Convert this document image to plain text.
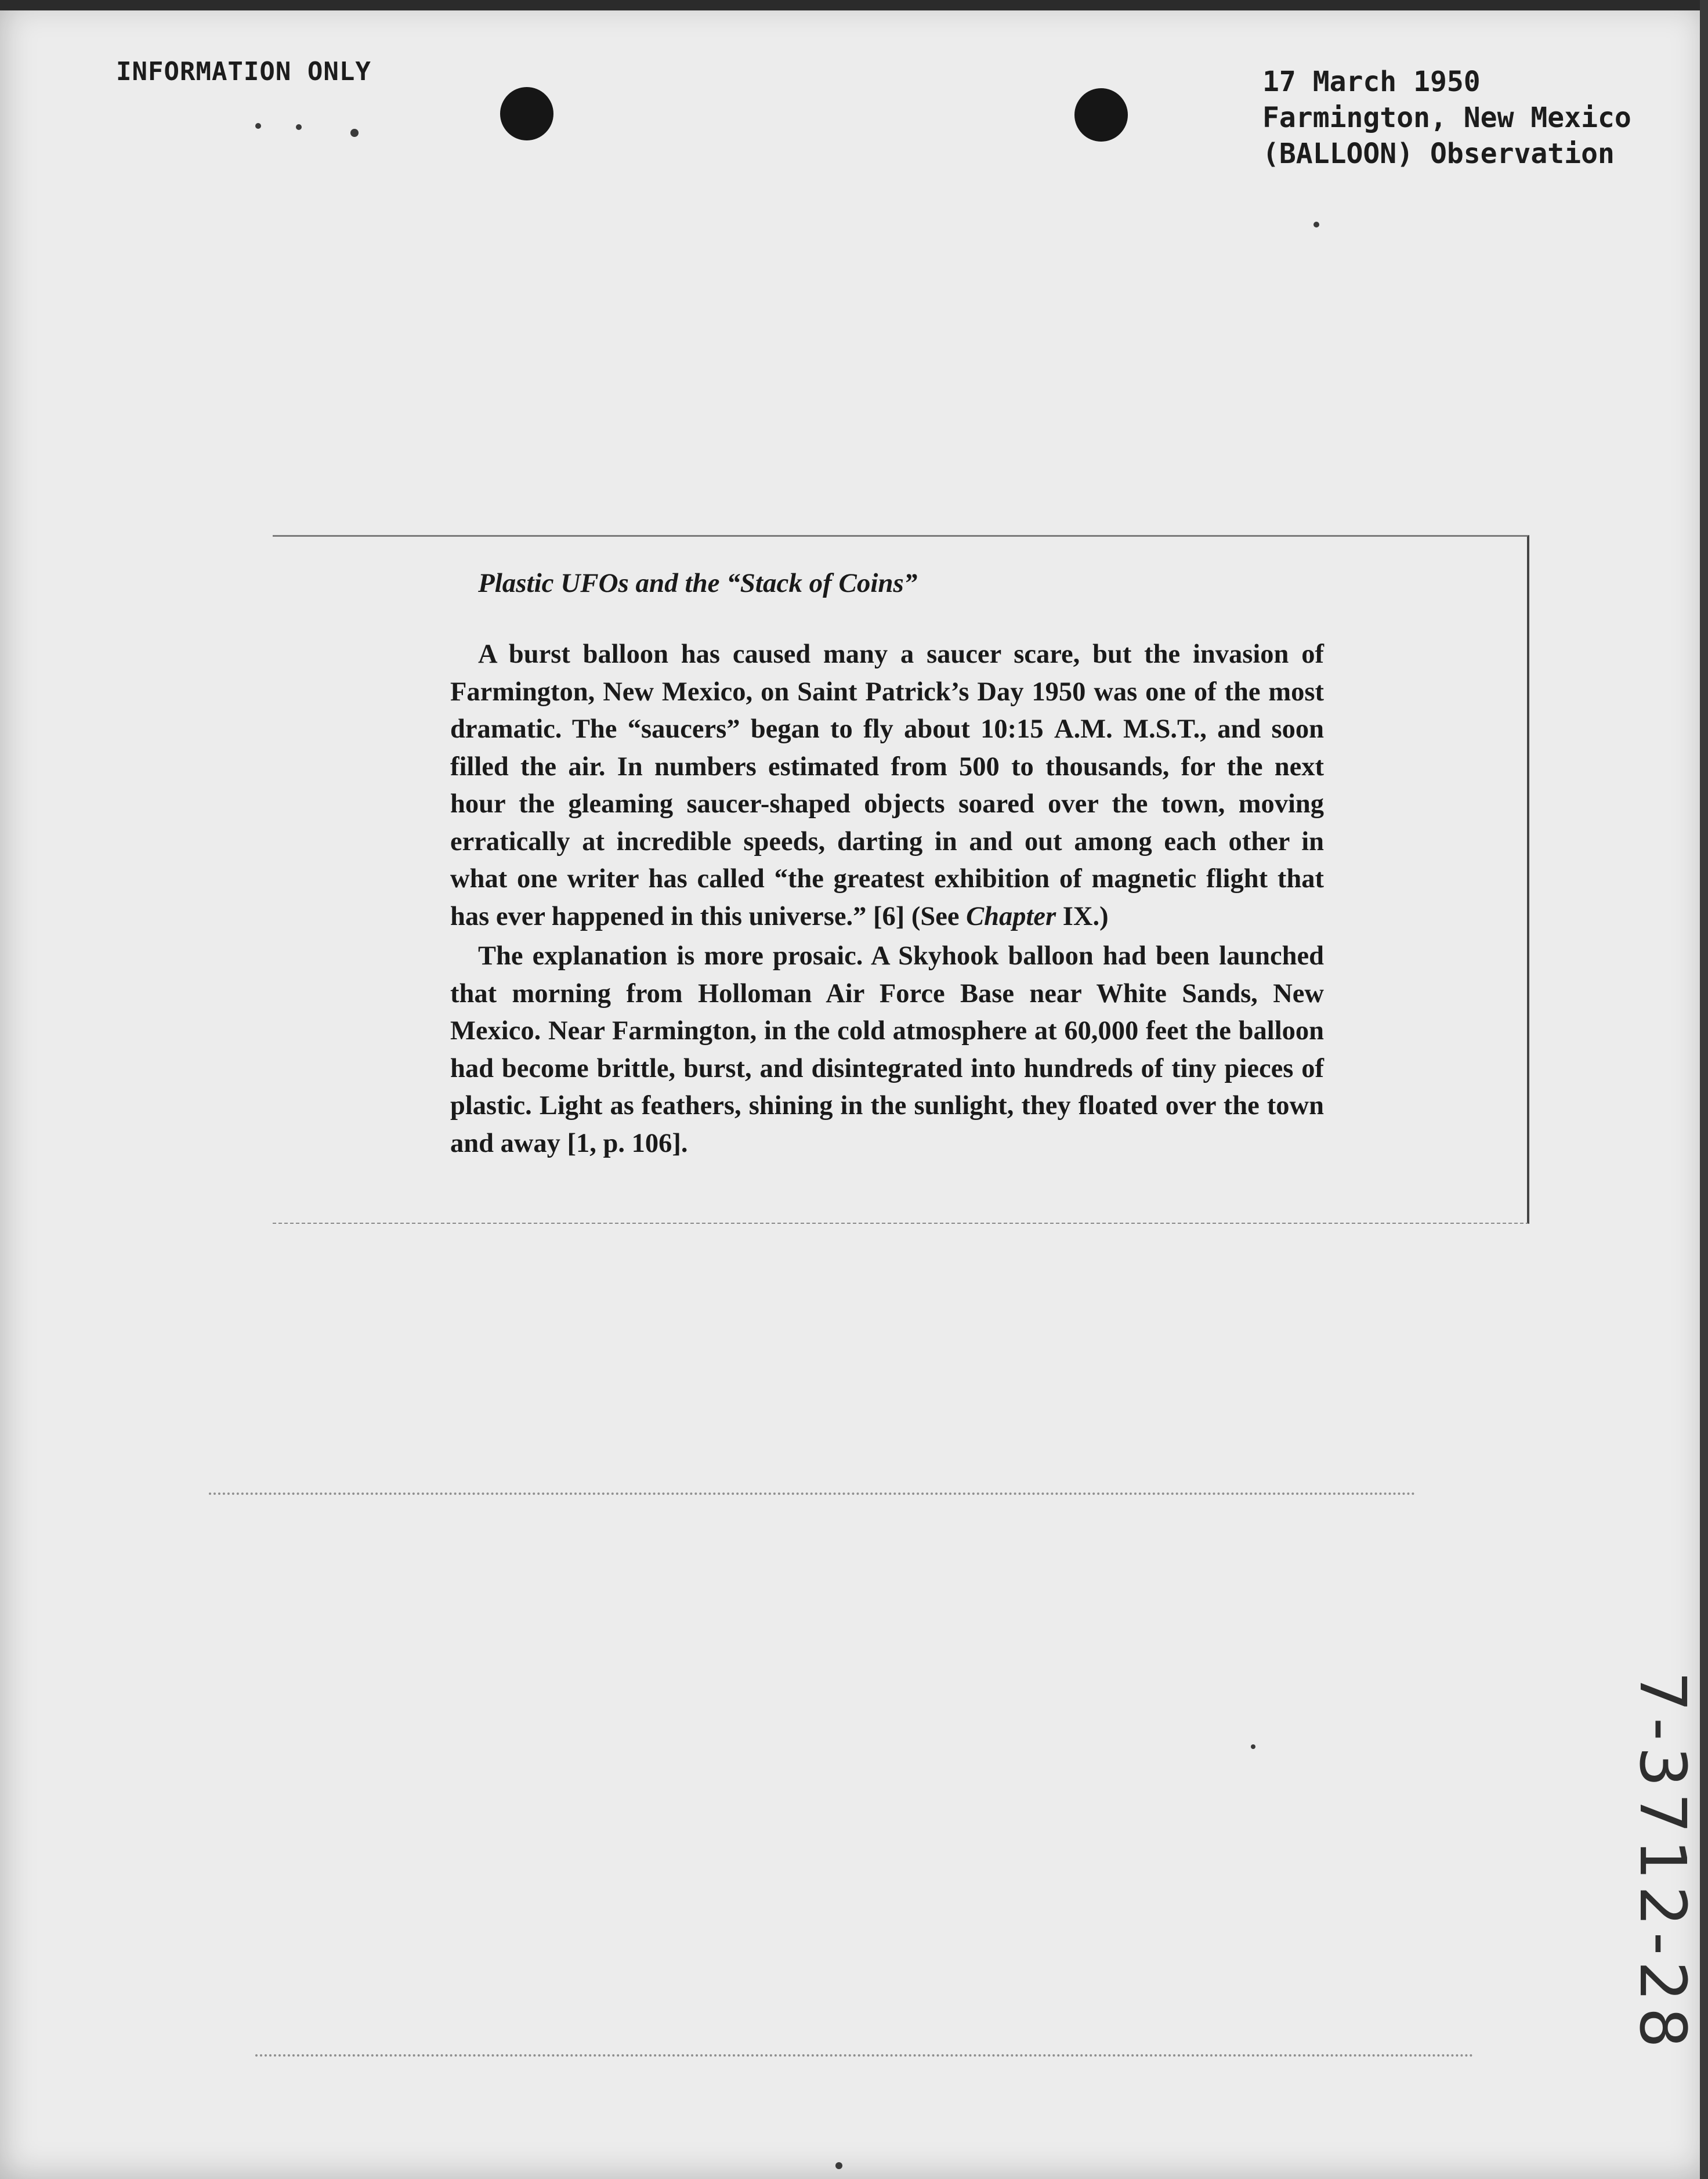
INFORMATION ONLY	17 March 1950
Farmington, New Mexico
(BALLOON) Observation
Plastic UFOs and the “Stack of Coins”

A burst balloon has caused many a saucer scare, but the invasion of Farmington, New Mexico, on Saint Patrick’s Day 1950 was one of the most dramatic. The “saucers” began to fly about 10:15 A.M. M.S.T., and soon filled the air. In numbers estimated from 500 to thousands, for the next hour the gleaming saucer-shaped objects soared over the town, moving erratically at incredible speeds, darting in and out among each other in what one writer has called “the greatest exhibition of magnetic flight that has ever happened in this universe.” [6] (See Chapter IX.)

The explanation is more prosaic. A Skyhook balloon had been launched that morning from Holloman Air Force Base near White Sands, New Mexico. Near Farmington, in the cold atmosphere at 60,000 feet the balloon had become brittle, burst, and disintegrated into hundreds of tiny pieces of plastic. Light as feathers, shining in the sunlight, they floated over the town and away [1, p. 106].

7-3712-28
